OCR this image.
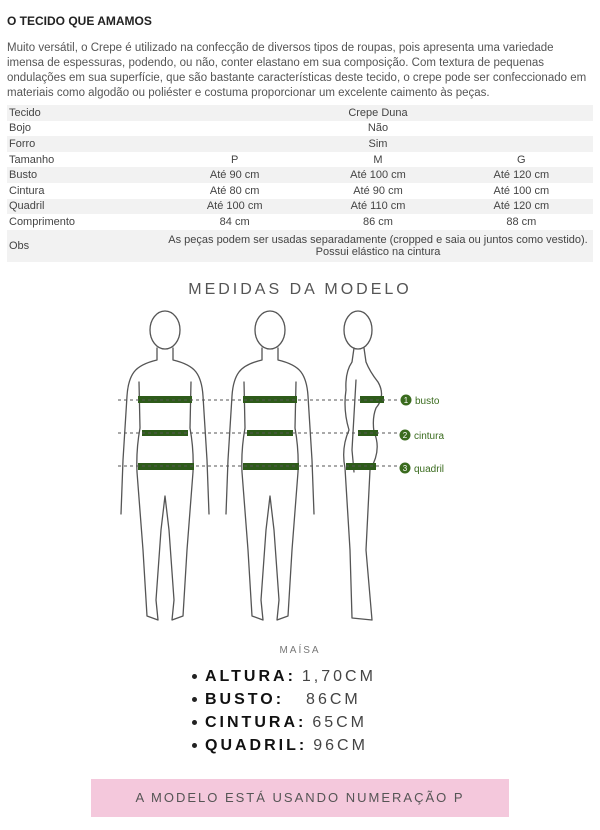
O TECIDO QUE AMAMOS
Muito versátil, o Crepe é utilizado na confecção de diversos tipos de roupas, pois apresenta uma variedade imensa de espessuras, podendo, ou não, conter elastano em sua composição. Com textura de pequenas ondulações em sua superfície, que são bastante características deste tecido, o crepe pode ser confeccionado em materiais como algodão ou poliéster e costuma proporcionar um excelente caimento às peças.
Tecido	Crepe Duna		
Bojo	Não		
Forro	Sim		
Tamanho	P	M	G
Busto	Até 90 cm	Até 100 cm	Até 120 cm
Cintura	Até 80 cm	Até 90 cm	Até 100 cm
Quadril	Até 100 cm	Até 110 cm	Até 120 cm
Comprimento	84 cm	86 cm	88 cm
Obs	As peças podem ser usadas separadamente (cropped e saia ou juntos como vestido). Possui elástico na cintura		
MEDIDAS DA MODELO
1 busto
2 cintura
3 quadril
MAÍSA
ALTURA: 1,70CM
BUSTO: 86CM
CINTURA: 65CM
QUADRIL: 96CM
A MODELO ESTÁ USANDO NUMERAÇÃO P
